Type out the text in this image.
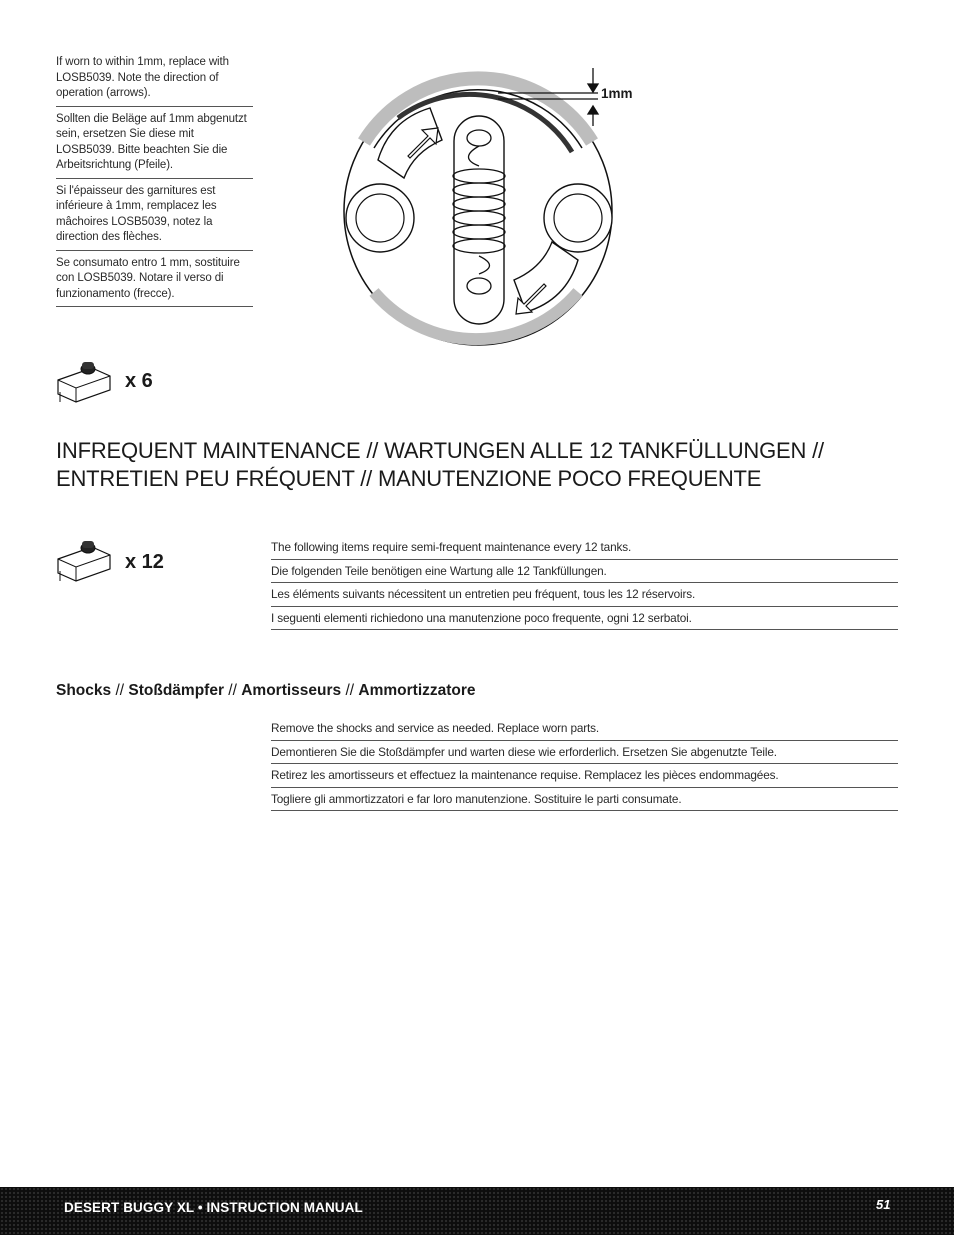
If worn to within 1mm, replace with LOSB5039. Note the direction of operation (arrows).
Sollten die Beläge auf 1mm abgenutzt sein, ersetzen Sie diese mit LOSB5039. Bitte beachten Sie die Arbeitsrichtung (Pfeile).
Si l'épaisseur des garnitures est inférieure à 1mm, remplacez les mâchoires LOSB5039, notez la direction des flèches.
Se consumato entro 1 mm, sostituire con LOSB5039. Notare il verso di funzionamento (frecce).
1mm
x 6
INFREQUENT MAINTENANCE // WARTUNGEN ALLE 12 TANKFÜLLUNGEN //
ENTRETIEN PEU FRÉQUENT // MANUTENZIONE POCO FREQUENTE
x 12
The following items require semi-frequent maintenance every 12 tanks.
Die folgenden Teile benötigen eine Wartung alle 12 Tankfüllungen.
Les éléments suivants nécessitent un entretien peu fréquent, tous les 12 réservoirs.
I seguenti elementi richiedono una manutenzione poco frequente, ogni 12 serbatoi.
Shocks // Stoßdämpfer // Amortisseurs // Ammortizzatore
Remove the shocks and service as needed. Replace worn parts.
Demontieren Sie die Stoßdämpfer und warten diese wie erforderlich. Ersetzen Sie abgenutzte Teile.
Retirez les amortisseurs et effectuez la maintenance requise. Remplacez les pièces endommagées.
Togliere gli ammortizzatori e far loro manutenzione. Sostituire le parti consumate.
DESERT BUGGY XL • INSTRUCTION MANUAL	51
